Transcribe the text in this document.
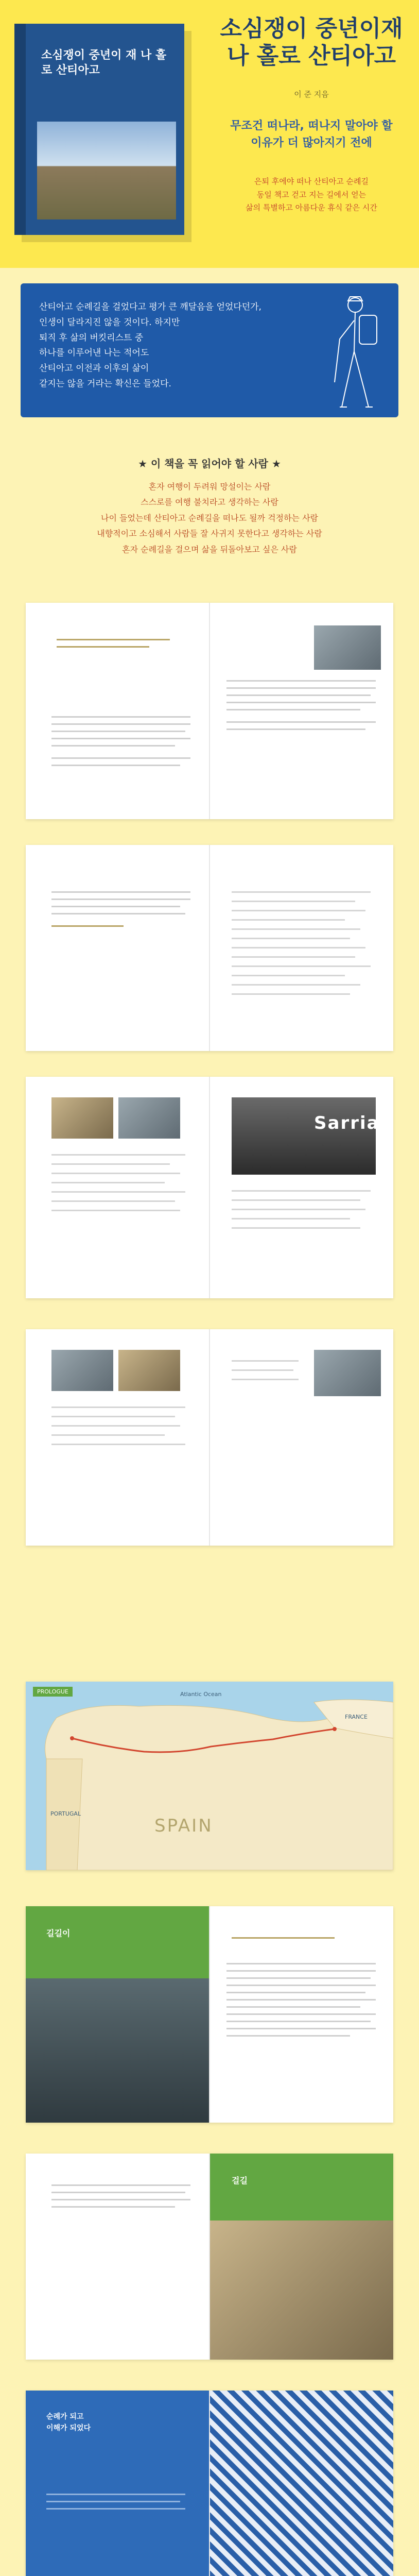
소심쟁이 중년이 재 나 홀로 산티아고
소심쟁이 중년이재
나 홀로 산티아고
이 준 지음
무조건 떠나라, 떠나지 말아야 할
이유가 더 많아지기 전에
은퇴 후에야 떠나 산티아고 순례길
동일 책고 걷고 지는 길에서 얻는
삶의 특별하고 아름다운 휴식 같은 시간
산티아고 순례길을 걸었다고 평가 큰 깨달음을 얻었다던가,
인생이 달라지진 않을 것이다. 하지만
퇴직 후 삶의 버킷리스트 중
하나를 이루어낸 나는 적어도
산티아고 이전과 이후의 삶이
같지는 않을 거라는 확신은 들었다.
★ 이 책을 꼭 읽어야 할 사람 ★
혼자 여행이 두려워 망설이는 사람
스스로를 여행 불치라고 생각하는 사람
나이 들었는데 산티아고 순례길을 떠나도 될까 걱정하는 사람
내향적이고 소심해서 사람들 잘 사귀지 못한다고 생각하는 사람
혼자 순례길을 걸으며 삶을 뒤돌아보고 싶은 사람
Sarria
PROLOGUE	Atlantic Ocean
FRANCE
PORTUGAL
SPAIN
길길이
걸길
순례가 되고
이해가 되었다
